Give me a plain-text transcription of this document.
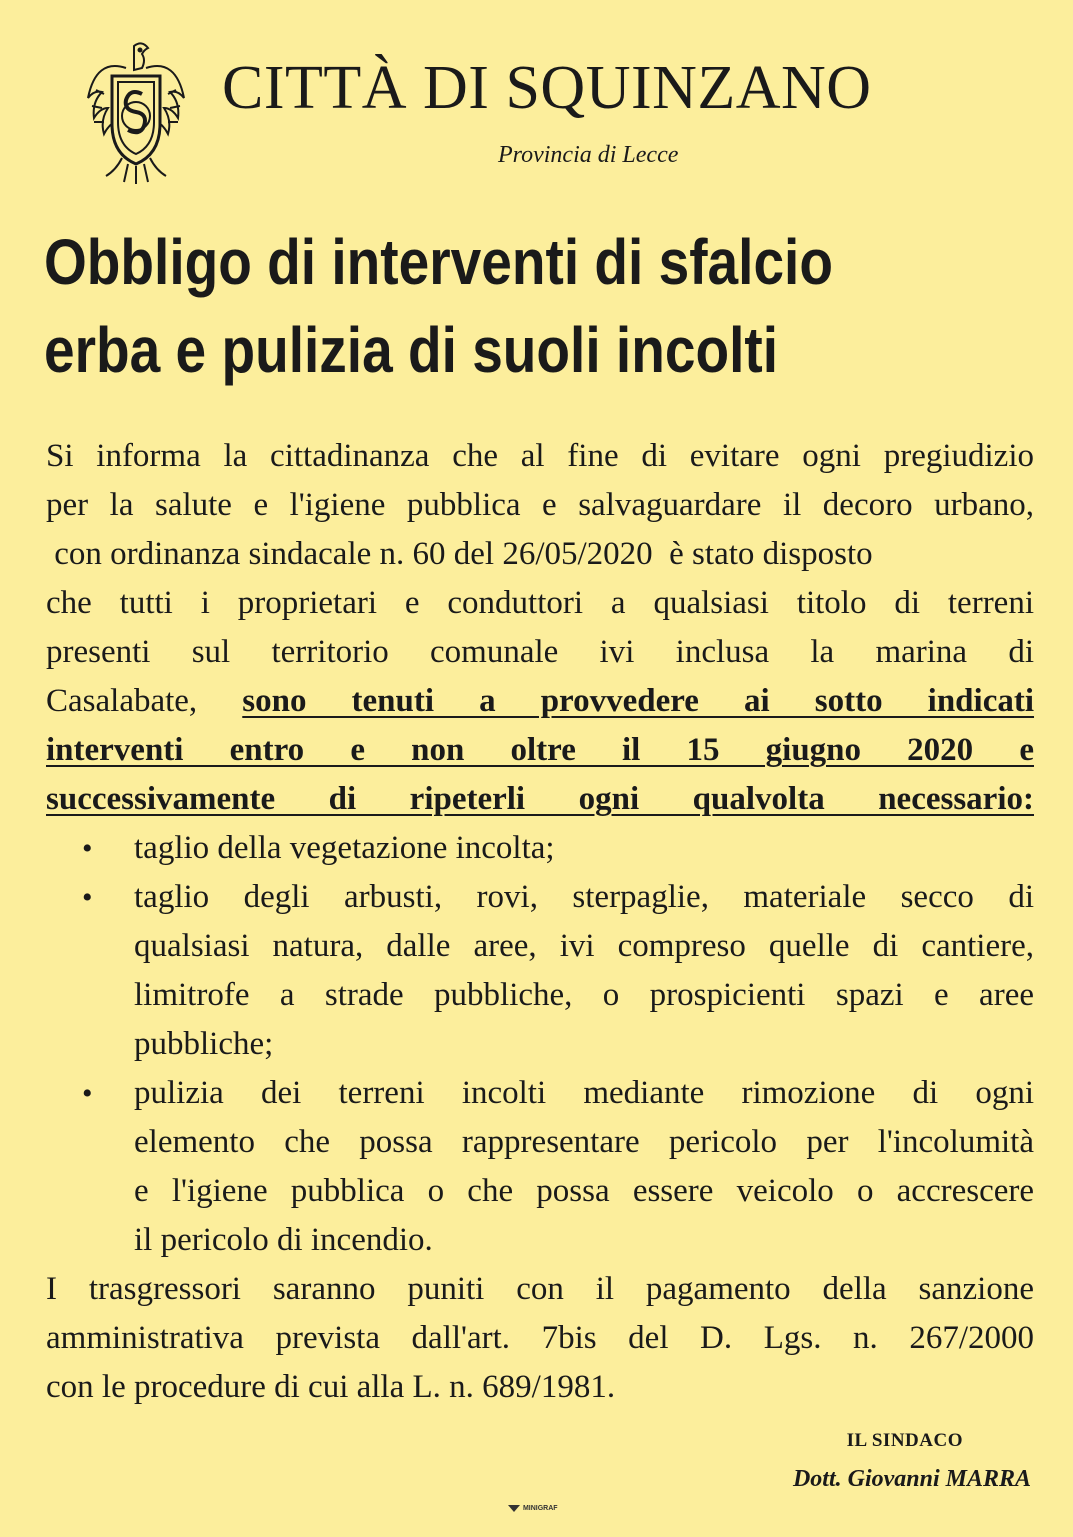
CITTÀ DI SQUINZANO
Provincia di Lecce
Obbligo di interventi di sfalcio
erba e pulizia di suoli incolti
Si informa la cittadinanza che al fine di evitare ogni pregiudizio
per la salute e l'igiene pubblica e salvaguardare il decoro urbano,
con ordinanza sindacale n. 60 del 26/05/2020  è stato disposto
che tutti i proprietari e conduttori a qualsiasi titolo di terreni
presenti sul territorio comunale ivi inclusa la marina di
Casalabate, sono tenuti a provvedere ai sotto indicati
interventi entro e non oltre il 15 giugno 2020 e
successivamente di ripeterli ogni qualvolta necessario:
• taglio della vegetazione incolta;
• taglio degli arbusti, rovi, sterpaglie, materiale secco di
qualsiasi natura, dalle aree, ivi compreso quelle di cantiere,
limitrofe a strade pubbliche, o prospicienti spazi e aree
pubbliche;
• pulizia dei terreni incolti mediante rimozione di ogni
elemento che possa rappresentare pericolo per l'incolumità
e l'igiene pubblica o che possa essere veicolo o accrescere
il pericolo di incendio.
I trasgressori saranno puniti con il pagamento della sanzione
amministrativa prevista dall'art. 7bis del D. Lgs. n. 267/2000
con le procedure di cui alla L. n. 689/1981.
IL SINDACO
Dott. Giovanni MARRA
MINIGRAF
